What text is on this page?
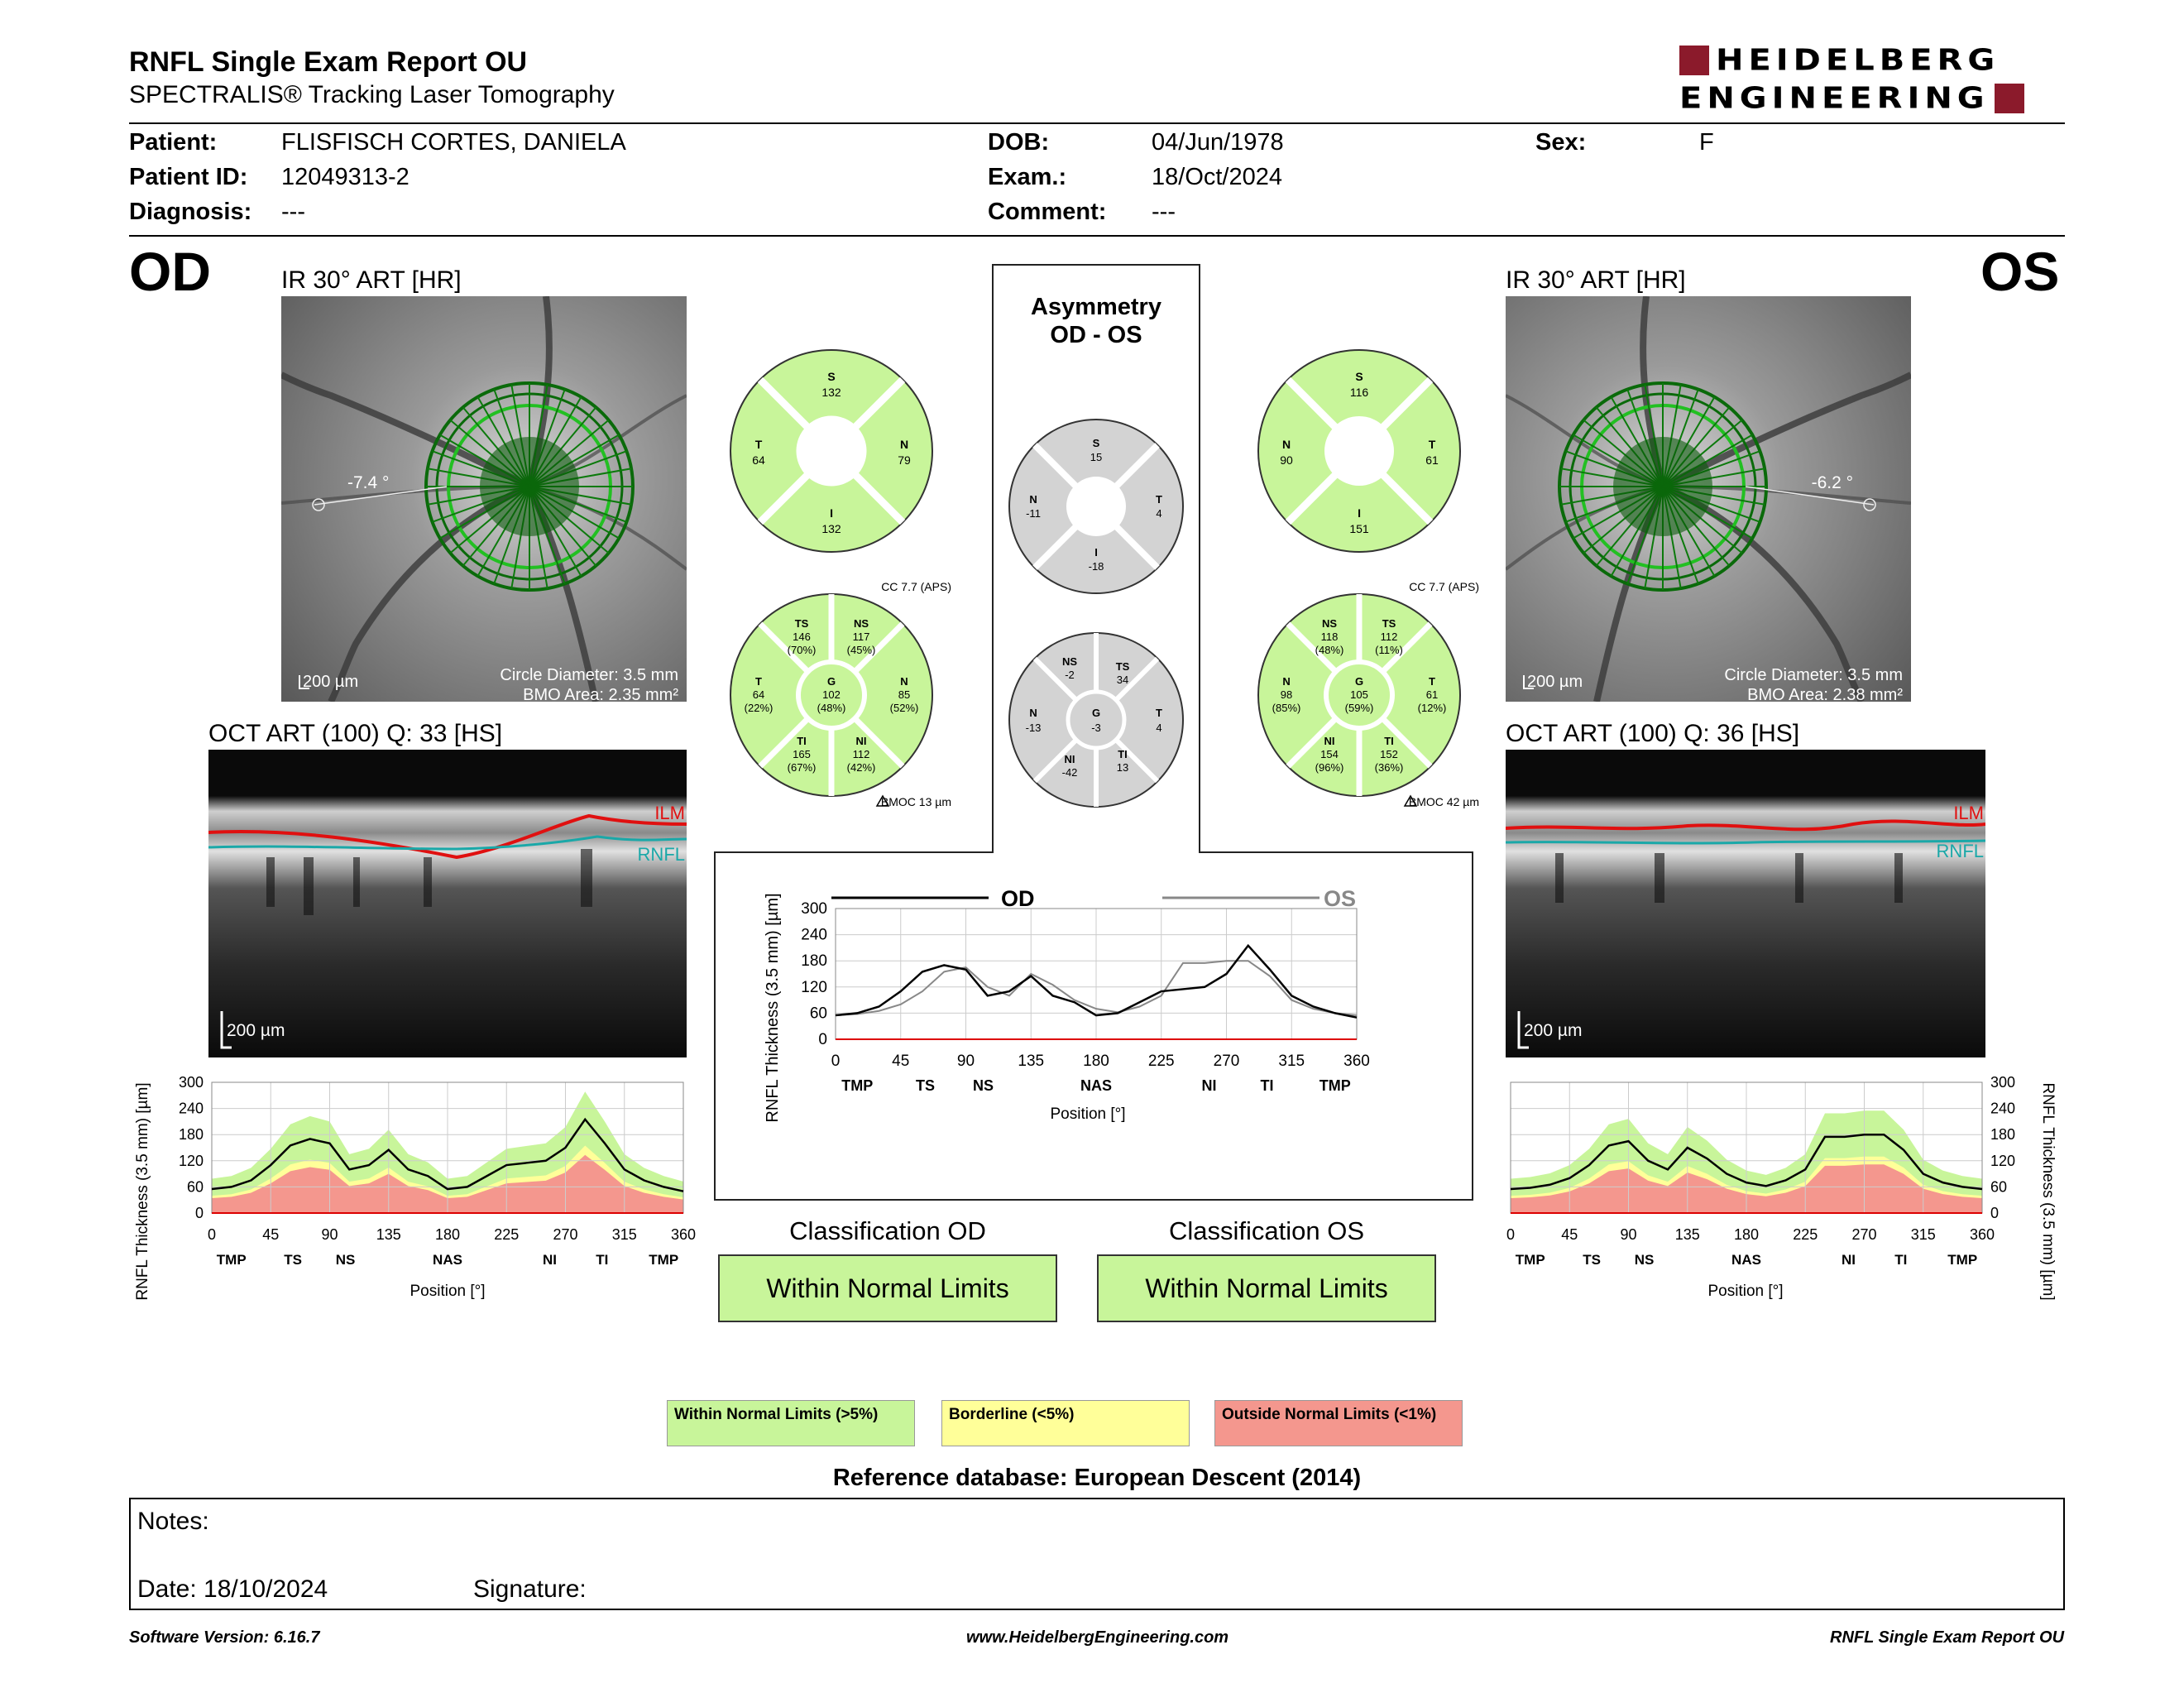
RNFL Single Exam Report OU
SPECTRALIS® Tracking Laser Tomography
HEIDELBERG
ENGINEERING
Patient:	FLISFISCH CORTES, DANIELA
Patient ID: 12049313-2
Diagnosis: ---
DOB:	04/Jun/1978
Exam.:	18/Oct/2024
Comment: ---
Sex:	F
OD	OS
IR 30° ART [HR]
-7.4 °
200 µm	Circle Diameter: 3.5 mm
BMO Area: 2.35 mm²
IR 30° ART [HR]
-6.2 °
200 µm	Circle Diameter: 3.5 mm
BMO Area: 2.38 mm²
OCT ART (100) Q: 33 [HS]
ILM
RNFL
200 µm
OCT ART (100) Q: 36 [HS]
ILM
RNFL
200 µm
Asymmetry
OD - OS
S
132
T
64
N
79
I
132
S
116
N
90
T
61
I
151
S
15
N
-11
T
4
I
-18
CC 7.7 (APS)	CC 7.7 (APS)
TS
146
(70%)
NS
117
(45%)
T
64
(22%)
G
102
(48%)
N
85
(52%)
TI
165
(67%)
NI
112
(42%)
BMOC 13 µm
NS
118
(48%)
TS
112
(11%)
N
98
(85%)
G
105
(59%)
T
61
(12%)
NI
154
(96%)
TI
152
(36%)
BMOC 42 µm
NS
-2
TS
34
N
-13
G
-3
T
4
NI
-42
TI
13
OD	OS
0
60
120
180
240
300
0	45	90	135 180 225 270 315 360
TMP	TS	NS	NAS	NI	TI	TMP
RNFL Thickness (3.5 mm) [µm]	Position [°]
0
60
120
180
240
300
0	45	90	135 180 225 270 315 360
TMP	TS NS	NAS	NI	TI	TMP
RNFL Thickness (3.5 mm) [µm]	Position [°]
0
60
120
180
240
300
0	45	90	135 180 225 270 315 360
TMP	TS NS	NAS	NI	TI	TMP	RNFL Thickness (3.5 mm) [µm]
Position [°]
Classification OD
Within Normal Limits
Classification OS
Within Normal Limits
Within Normal Limits (>5%)	Borderline (<5%)	Outside Normal Limits (<1%)
Reference database: European Descent (2014)
Notes:
Date: 18/10/2024	Signature:
Software Version: 6.16.7	www.HeidelbergEngineering.com	RNFL Single Exam Report OU
